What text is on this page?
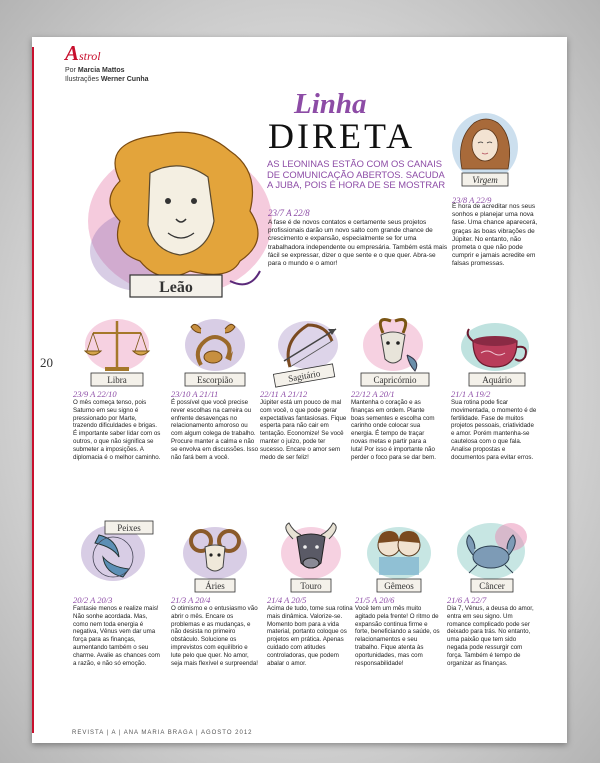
Astrol
Por Marcia Mattos
Ilustrações Werner Cunha
20
Leão
Linha
DIRETA
AS LEONINAS ESTÃO COM OS CANAIS DE COMUNICAÇÃO ABERTOS. SACUDA A JUBA, POIS É HORA DE SE MOSTRAR
23/7 A 22/8
A fase é de novos contatos e certamente seus projetos profissionais darão um novo salto com grande chance de crescimento e expansão, especialmente se for uma trabalhadora independente ou empresária. Também está mais fácil se expressar, dizer o que sente e o que quer. Abra-se para o mundo e o amor!
Virgem
23/8 A 22/9
É hora de acreditar nos seus sonhos e planejar uma nova fase. Uma chance aparecerá, graças às boas vibrações de Júpiter. No entanto, não prometa o que não pode cumprir e jamais acredite em falsas promessas.
Libra
23/9 A 22/10
O mês começa tenso, pois Saturno em seu signo é pressionado por Marte, trazendo dificuldades e brigas. É importante saber lidar com os outros, o que não significa se submeter a imposições. A diplomacia é o melhor caminho.
Escorpião
23/10 A 21/11
É possível que você precise rever escolhas na carreira ou enfrente desavenças no relacionamento amoroso ou com algum colega de trabalho. Procure manter a calma e não se envolva em discussões. Isso não fará bem a você.
Sagitário
22/11 A 21/12
Júpiter está um pouco de mal com você, o que pode gerar expectativas fantasiosas. Fique esperta para não cair em tentação. Economize! Se você manter o juízo, pode ter sucesso. Encare o amor sem medo de ser feliz!
Capricórnio
22/12 A 20/1
Mantenha o coração e as finanças em ordem. Plante boas sementes e escolha com carinho onde colocar sua energia. É tempo de traçar novas metas e partir para a luta! Por isso é importante não perder o foco para se dar bem.
Aquário
21/1 A 19/2
Sua rotina pode ficar movimentada, o momento é de fertilidade. Fase de muitos projetos pessoais, criatividade e amor. Porém mantenha-se cautelosa com o que fala. Analise propostas e documentos para evitar erros.
Peixes
20/2 A 20/3
Fantasie menos e realize mais! Não sonhe acordada. Mas, como nem toda energia é negativa, Vênus vem dar uma força para as finanças, aumentando também o seu charme. Avalie as chances com a razão, e não só emoção.
Áries
21/3 A 20/4
O otimismo e o entusiasmo vão abrir o mês. Encare os problemas e as mudanças, e não desista no primeiro obstáculo. Solucione os imprevistos com equilíbrio e lute pelo que quer. No amor, seja mais flexível e surpreenda!
Touro
21/4 A 20/5
Acima de tudo, tome sua rotina mais dinâmica. Valorize-se. Momento bom para a vida material, portanto coloque os projetos em prática. Apenas cuidado com atitudes controladoras, que podem abalar o amor.
Gêmeos
21/5 A 20/6
Você tem um mês muito agitado pela frente! O ritmo de expansão continua firme e forte, beneficiando a saúde, os relacionamentos e seu trabalho. Fique atenta às oportunidades, mas com responsabilidade!
Câncer
21/6 A 22/7
Dia 7, Vênus, a deusa do amor, entra em seu signo. Um romance complicado pode ser deixado para trás. No entanto, uma paixão que tem sido negada pode ressurgir com força. Também é tempo de organizar as finanças.
REVISTA | A | ANA MARIA BRAGA | AGOSTO 2012
